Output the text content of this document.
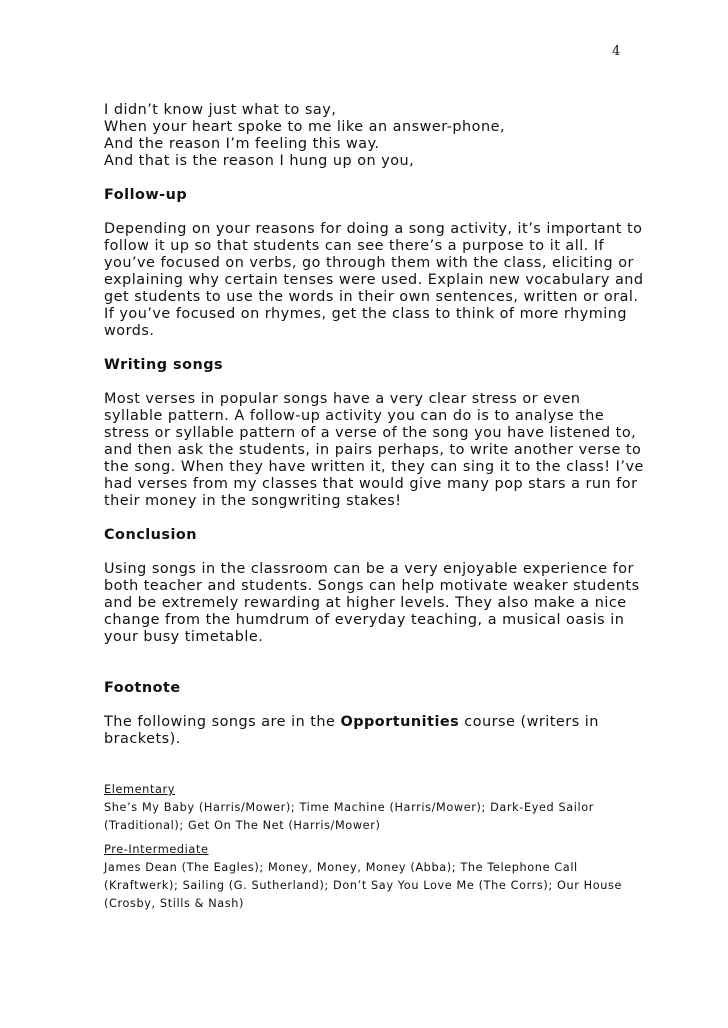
4

I didn’t know just what to say,
When your heart spoke to me like an answer-phone,
And the reason I’m feeling this way.
And that is the reason I hung up on you,

Follow-up

Depending on your reasons for doing a song activity, it’s important to follow it up so that students can see there’s a purpose to it all. If you’ve focused on verbs, go through them with the class, eliciting or explaining why certain tenses were used. Explain new vocabulary and get students to use the words in their own sentences, written or oral. If you’ve focused on rhymes, get the class to think of more rhyming words.

Writing songs

Most verses in popular songs have a very clear stress or even syllable pattern. A follow-up activity you can do is to analyse the stress or syllable pattern of a verse of the song you have listened to, and then ask the students, in pairs perhaps, to write another verse to the song. When they have written it, they can sing it to the class! I’ve had verses from my classes that would give many pop stars a run for their money in the songwriting stakes!

Conclusion

Using songs in the classroom can be a very enjoyable experience for both teacher and students. Songs can help motivate weaker students and be extremely rewarding at higher levels. They also make a nice change from the humdrum of everyday teaching, a musical oasis in your busy timetable.

Footnote

The following songs are in the Opportunities course (writers in brackets).

Elementary
She’s My Baby (Harris/Mower); Time Machine (Harris/Mower); Dark-Eyed Sailor (Traditional); Get On The Net (Harris/Mower)
Pre-Intermediate
James Dean (The Eagles); Money, Money, Money (Abba); The Telephone Call (Kraftwerk); Sailing (G. Sutherland); Don’t Say You Love Me (The Corrs); Our House (Crosby, Stills & Nash)
